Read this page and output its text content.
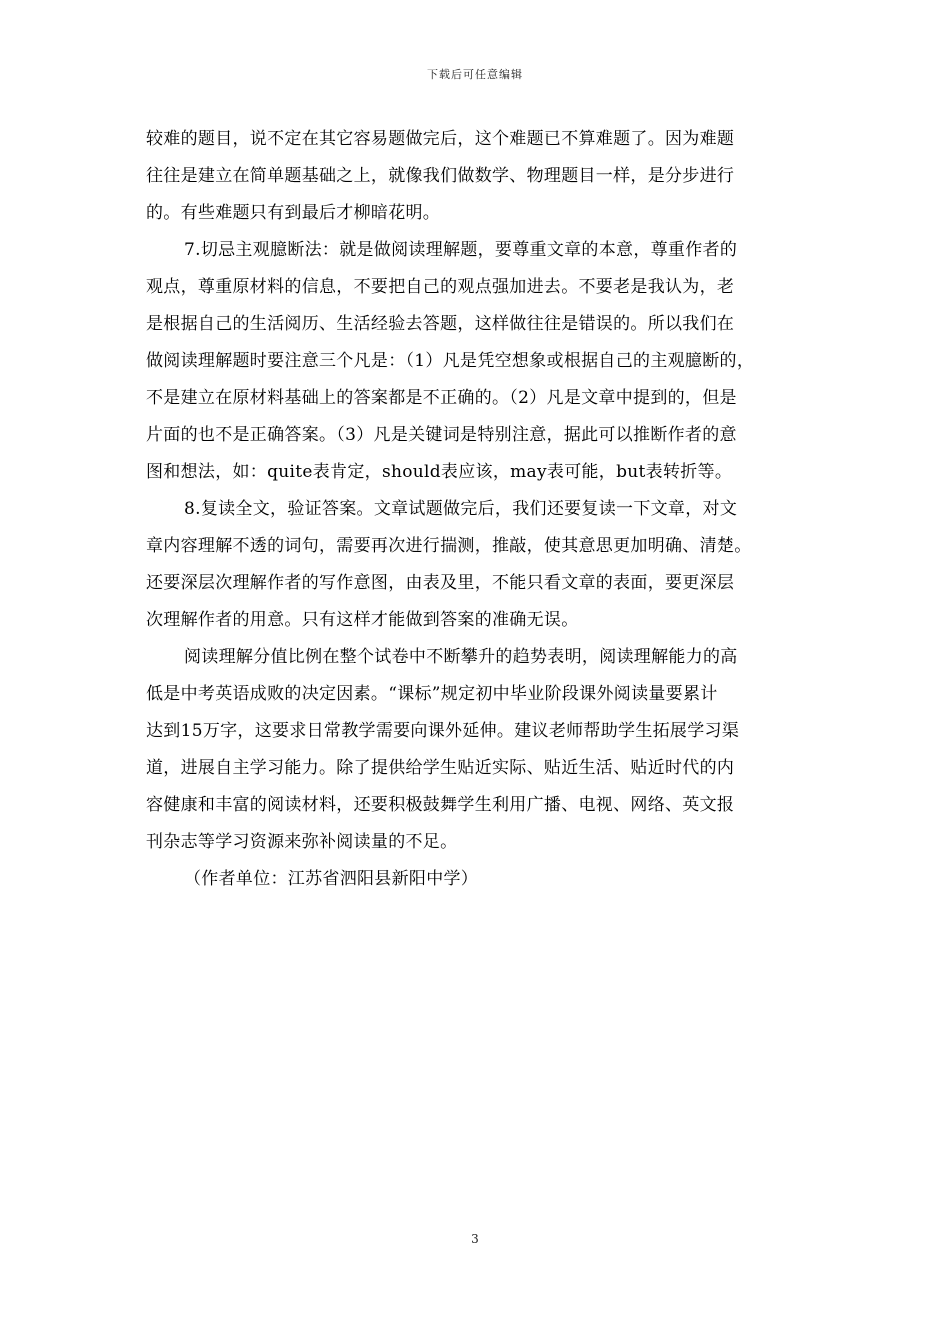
下载后可任意编辑
较难的题目，说不定在其它容易题做完后，这个难题已不算难题了。因为难题
往往是建立在简单题基础之上，就像我们做数学、物理题目一样，是分步进行
的。有些难题只有到最后才柳暗花明。
7.切忌主观臆断法：就是做阅读理解题，要尊重文章的本意，尊重作者的
观点，尊重原材料的信息，不要把自己的观点强加进去。不要老是我认为，老
是根据自己的生活阅历、生活经验去答题，这样做往往是错误的。所以我们在
做阅读理解题时要注意三个凡是：（1）凡是凭空想象或根据自己的主观臆断的，
不是建立在原材料基础上的答案都是不正确的。（2）凡是文章中提到的，但是
片面的也不是正确答案。（3）凡是关键词是特别注意，据此可以推断作者的意
图和想法，如：quite表肯定，should表应该，may表可能，but表转折等。
8.复读全文，验证答案。文章试题做完后，我们还要复读一下文章，对文
章内容理解不透的词句，需要再次进行揣测，推敲，使其意思更加明确、清楚。
还要深层次理解作者的写作意图，由表及里，不能只看文章的表面，要更深层
次理解作者的用意。只有这样才能做到答案的准确无误。
阅读理解分值比例在整个试卷中不断攀升的趋势表明，阅读理解能力的高
低是中考英语成败的决定因素。“课标”规定初中毕业阶段课外阅读量要累计
达到15万字，这要求日常教学需要向课外延伸。建议老师帮助学生拓展学习渠
道，进展自主学习能力。除了提供给学生贴近实际、贴近生活、贴近时代的内
容健康和丰富的阅读材料，还要积极鼓舞学生利用广播、电视、网络、英文报
刊杂志等学习资源来弥补阅读量的不足。
（作者单位：江苏省泗阳县新阳中学）
3
